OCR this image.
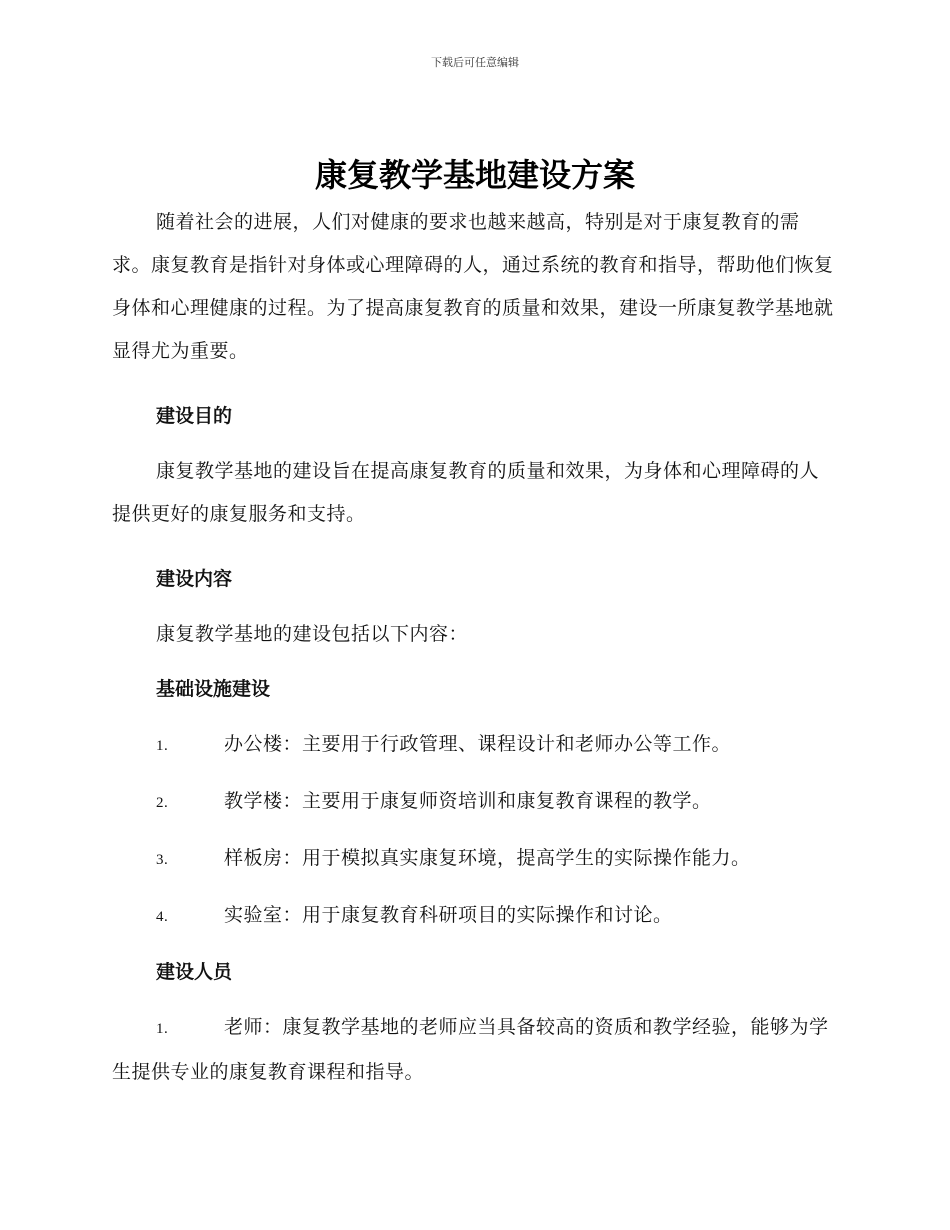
下载后可任意编辑
康复教学基地建设方案

随着社会的进展，人们对健康的要求也越来越高，特别是对于康复教育的需求。康复教育是指针对身体或心理障碍的人，通过系统的教育和指导，帮助他们恢复身体和心理健康的过程。为了提高康复教育的质量和效果，建设一所康复教学基地就显得尤为重要。

建设目的

康复教学基地的建设旨在提高康复教育的质量和效果，为身体和心理障碍的人提供更好的康复服务和支持。

建设内容

康复教学基地的建设包括以下内容：

基础设施建设
1.	办公楼：主要用于行政管理、课程设计和老师办公等工作。
2.	教学楼：主要用于康复师资培训和康复教育课程的教学。
3.	样板房：用于模拟真实康复环境，提高学生的实际操作能力。
4.	实验室：用于康复教育科研项目的实际操作和讨论。
建设人员
1.	老师：康复教学基地的老师应当具备较高的资质和教学经验，能够为学生提供专业的康复教育课程和指导。
